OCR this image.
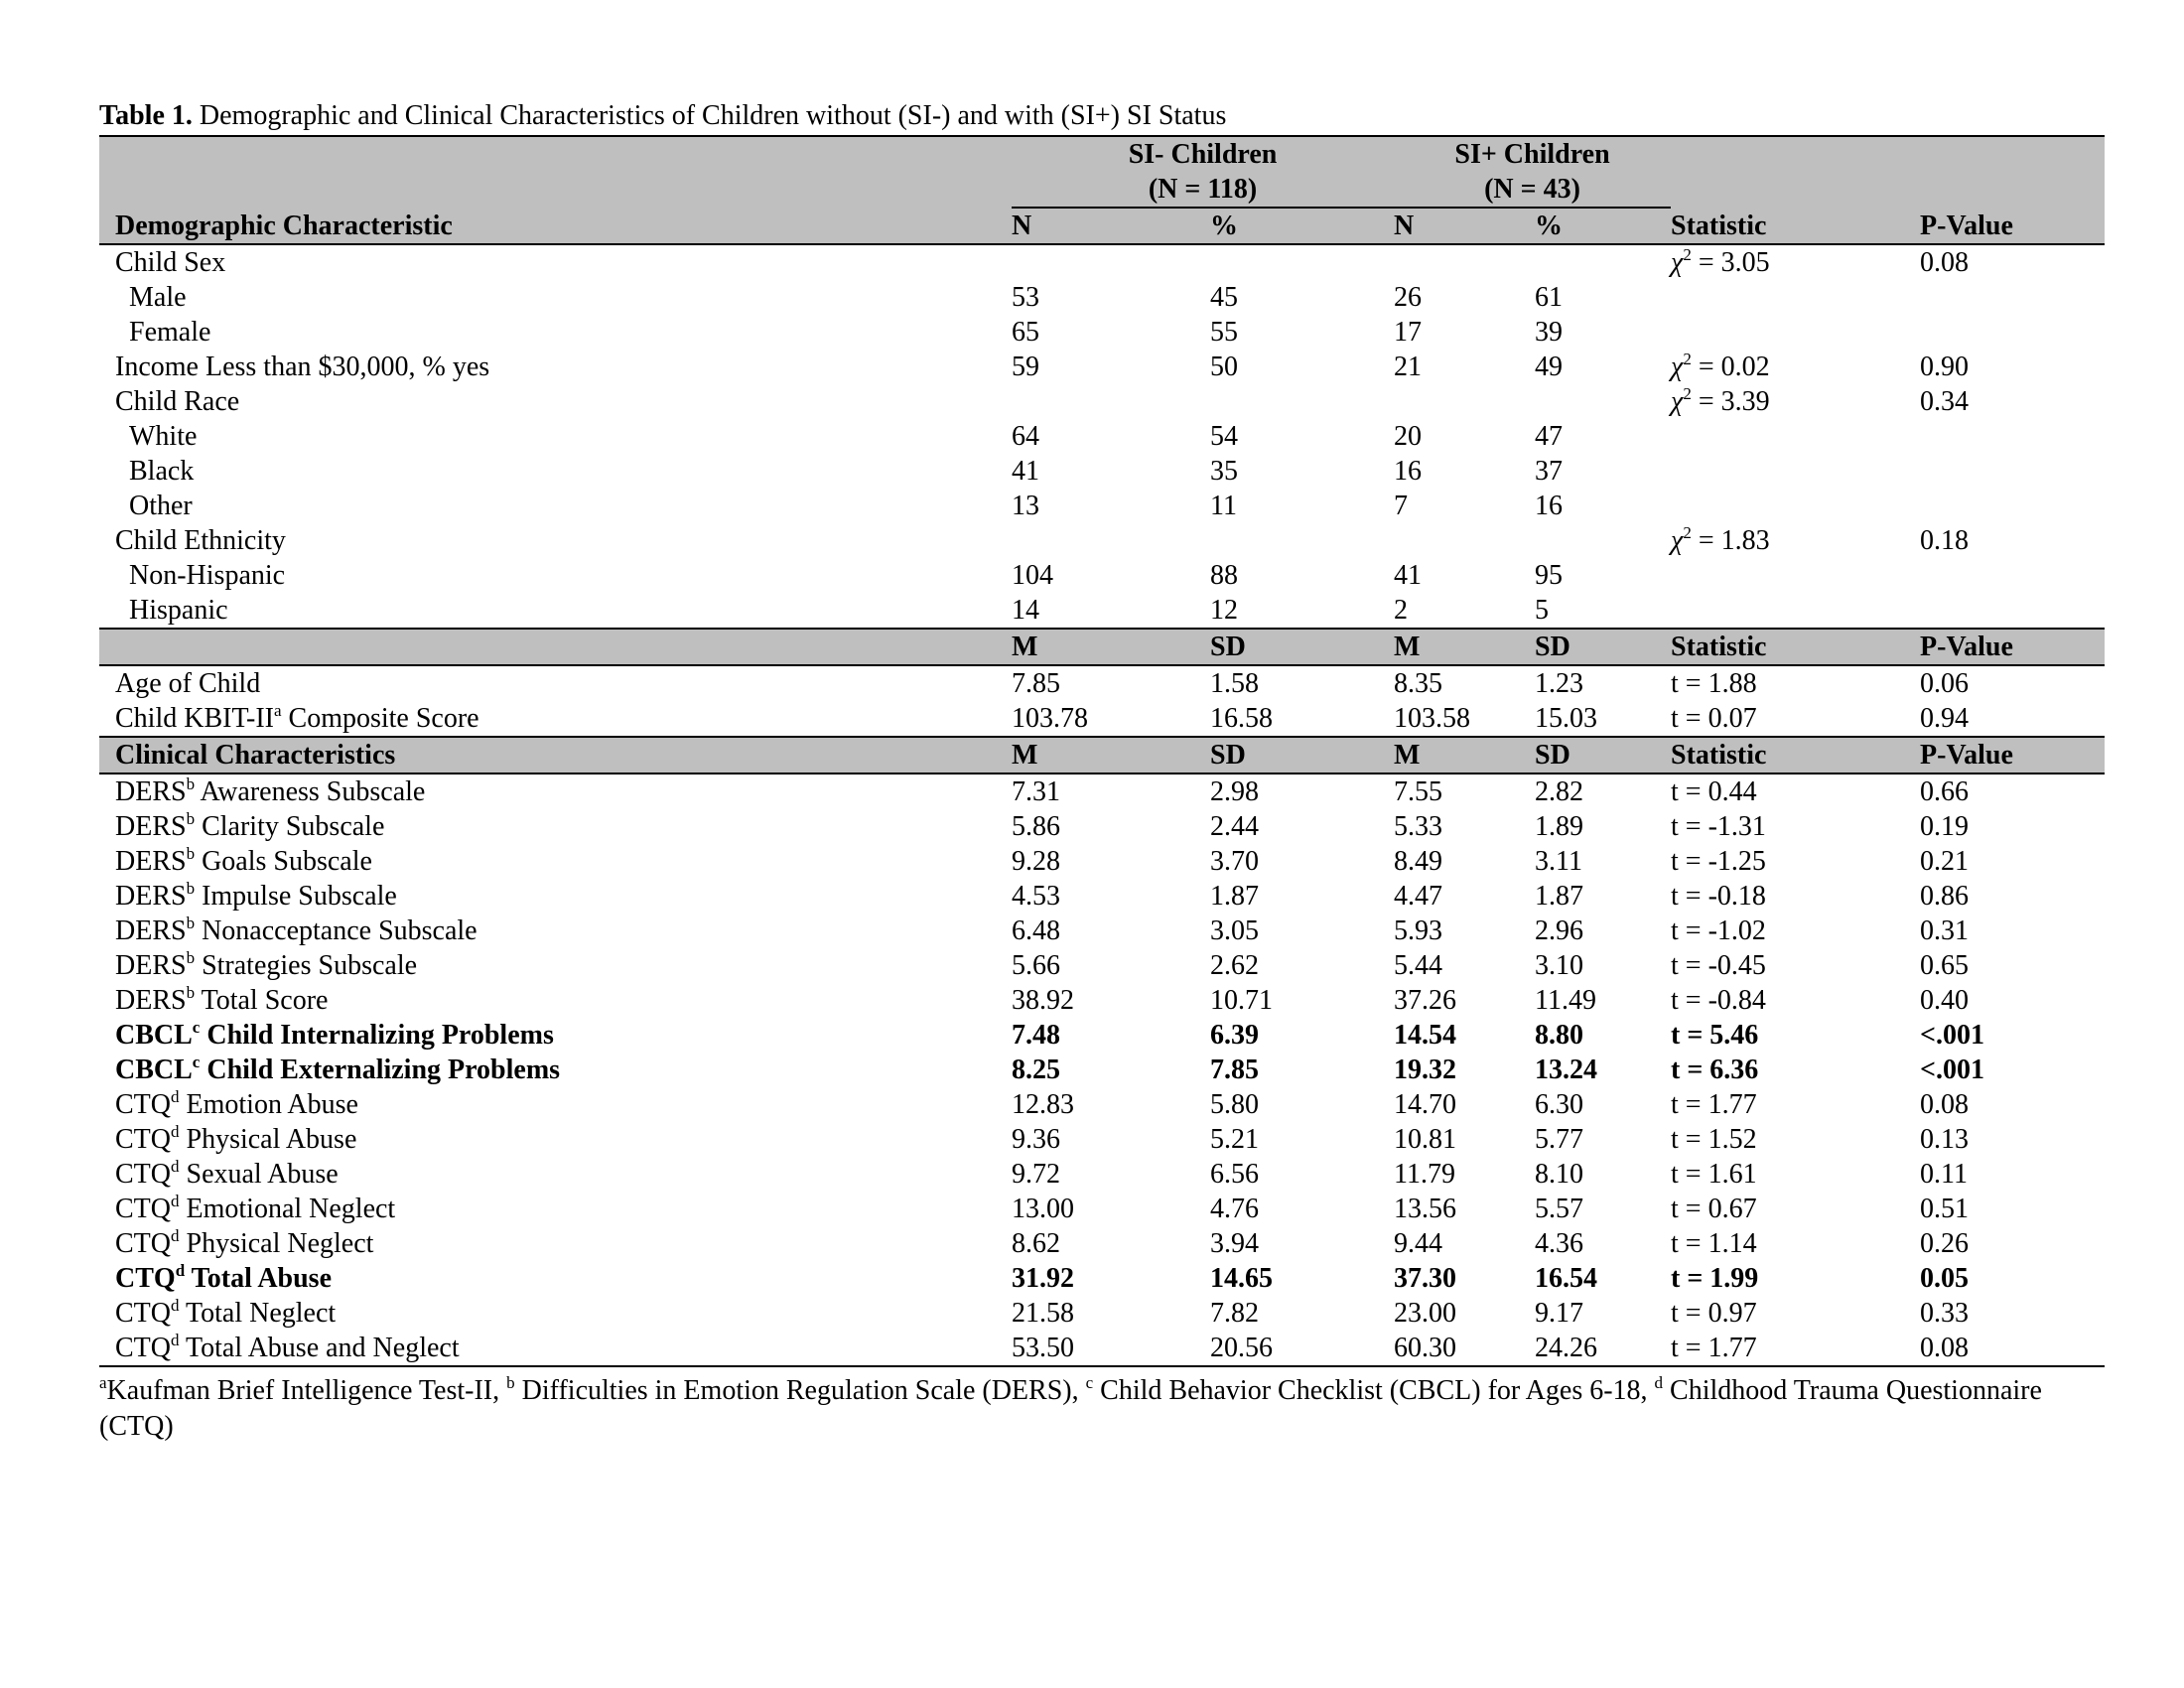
Table 1. Demographic and Clinical Characteristics of Children without (SI-) and with (SI+) SI Status

	SI- Children
(N = 118)		SI+ Children
(N = 43)			

Demographic Characteristic	N	%	N	%	Statistic	P-Value
Child Sex					$\chi^2 = 3.05$	0.08
Male	53	45	26	61		
Female	65	55	17	39		
Income Less than $30,000, % yes	59	50	21	49	$\chi^2 = 0.02$	0.90
Child Race					$\chi^2 = 3.39$	0.34
White	64	54	20	47		
Black	41	35	16	37		
Other	13	11	7	16		
Child Ethnicity					$\chi^2 = 1.83$	0.18
Non-Hispanic	104	88	41	95		
Hispanic	14	12	2	5		
	M	SD	M	SD	Statistic	P-Value
Age of Child	7.85	1.58	8.35	1.23	t = 1.88	0.06
Child KBIT-$II^a$ Composite Score	103.78	16.58	103.58	15.03	t = 0.07	0.94
Clinical Characteristics	M	SD	M	SD	Statistic	P-Value
DERS$^b$ Awareness Subscale	7.31	2.98	7.55	2.82	t = 0.44	0.66
DERS$^b$ Clarity Subscale	5.86	2.44	5.33	1.89	t = -1.31	0.19
DERS$^b$ Goals Subscale	9.28	3.70	8.49	3.11	t = -1.25	0.21
DERS$^b$ Impulse Subscale	4.53	1.87	4.47	1.87	t = -0.18	0.86
DERS$^b$ Nonacceptance Subscale	6.48	3.05	5.93	2.96	t = -1.02	0.31
DERS$^b$ Strategies Subscale	5.66	2.62	5.44	3.10	t = -0.45	0.65
DERS$^b$ Total Score	38.92	10.71	37.26	11.49	t = -0.84	0.40
CBCL$^c$ Child Internalizing Problems	7.48	6.39	14.54	8.80	t = 5.46	<.001
CBCL$^c$ Child Externalizing Problems	8.25	7.85	19.32	13.24	t = 6.36	<.001
CTQ$^d$ Emotion Abuse	12.83	5.80	14.70	6.30	t = 1.77	0.08
CTQ$^d$ Physical Abuse	9.36	5.21	10.81	5.77	t = 1.52	0.13
CTQ$^d$ Sexual Abuse	9.72	6.56	11.79	8.10	t = 1.61	0.11
CTQ$^d$ Emotional Neglect	13.00	4.76	13.56	5.57	t = 0.67	0.51
CTQ$^d$ Physical Neglect	8.62	3.94	9.44	4.36	t = 1.14	0.26
CTQ$^d$ Total Abuse	31.92	14.65	37.30	16.54	t = 1.99	0.05
CTQ$^d$ Total Neglect	21.58	7.82	23.00	9.17	t = 0.97	0.33
CTQ$^d$ Total Abuse and Neglect	53.50	20.56	60.30	24.26	t = 1.77	0.08
$^a$Kaufman Brief Intelligence Test-II, $^b$ Difficulties in Emotion Regulation Scale (DERS), $^c$ Child Behavior Checklist (CBCL) for Ages 6-18, $^d$ Childhood Trauma Questionnaire (CTQ)
